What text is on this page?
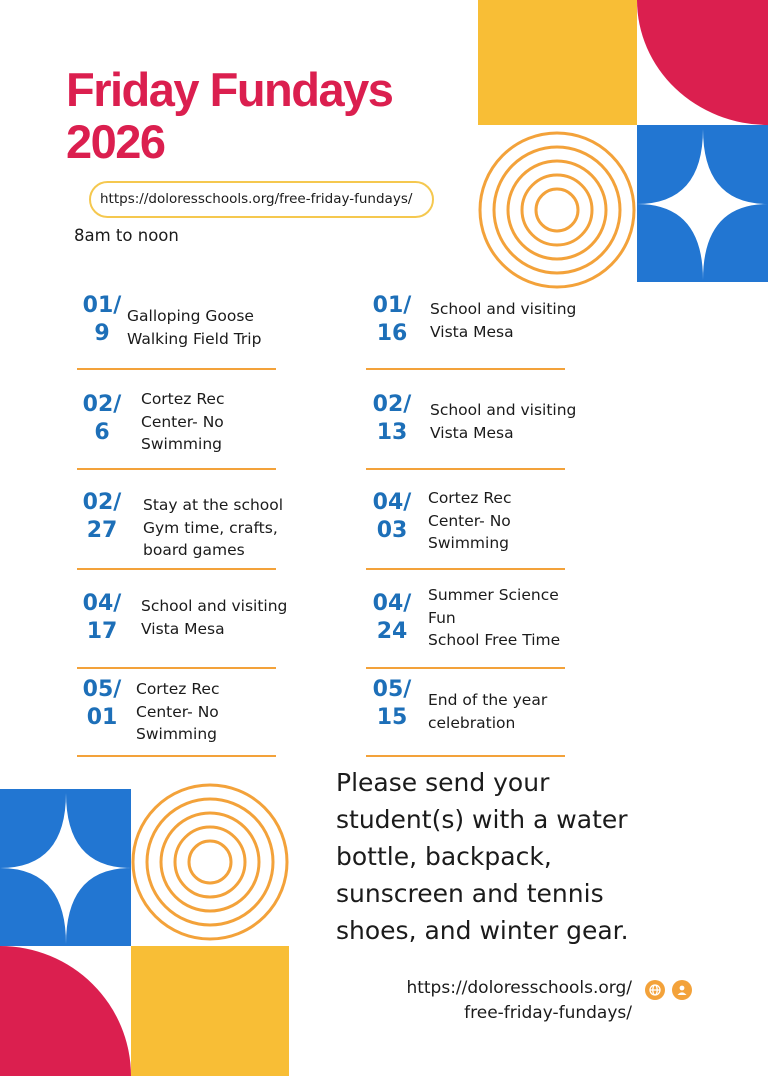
Friday Fundays
2026
https://doloresschools.org/free-friday-fundays/
8am to noon
01/
9
Galloping Goose
Walking Field Trip
02/
6
Cortez Rec
Center- No
Swimming
02/
27
Stay at the school
Gym time, crafts,
board games
04/
17
School and visiting
Vista Mesa
05/
01
Cortez Rec
Center- No
Swimming
01/
16
School and visiting
Vista Mesa
02/
13
School and visiting
Vista Mesa
04/
03
Cortez Rec
Center- No
Swimming
04/
24
Summer Science
Fun
School Free Time
05/
15
End of the year
celebration
Please send your
student(s) with a water
bottle, backpack,
sunscreen and tennis
shoes, and winter gear.
https://doloresschools.org/
free-friday-fundays/
